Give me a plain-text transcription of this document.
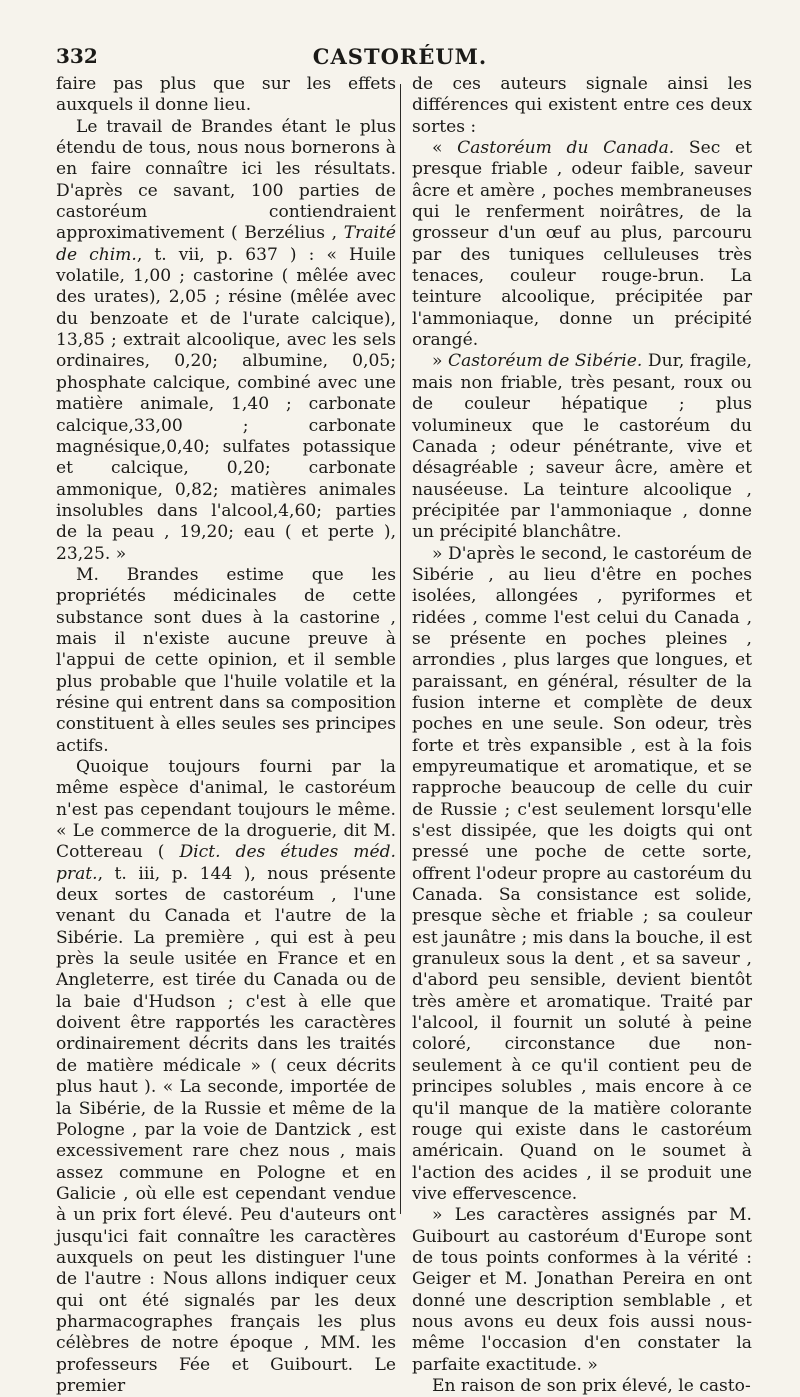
332	CASTORÉUM.

faire pas plus que sur les effets auxquels il donne lieu.

Le travail de Brandes étant le plus étendu de tous, nous nous bornerons à en faire connaître ici les résultats. D'après ce savant, 100 parties de castoréum contiendraient approximativement ( Berzélius , Traité de chim., t. vii, p. 637 ) : « Huile volatile, 1,00 ; castorine ( mêlée avec des urates), 2,05 ; résine (mêlée avec du benzoate et de l'urate calcique), 13,85 ; extrait alcoolique, avec les sels ordinaires, 0,20; albumine, 0,05; phosphate calcique, combiné avec une matière animale, 1,40 ; carbonate calcique,33,00 ; carbonate magnésique,0,40; sulfates potassique et calcique, 0,20; carbonate ammonique, 0,82; matières animales insolubles dans l'alcool,4,60; parties de la peau , 19,20; eau ( et perte ), 23,25. »

M. Brandes estime que les propriétés médicinales de cette substance sont dues à la castorine , mais il n'existe aucune preuve à l'appui de cette opinion, et il semble plus probable que l'huile volatile et la résine qui entrent dans sa composition constituent à elles seules ses principes actifs.

Quoique toujours fourni par la même espèce d'animal, le castoréum n'est pas cependant toujours le même. « Le commerce de la droguerie, dit M. Cottereau ( Dict. des études méd. prat., t. iii, p. 144 ), nous présente deux sortes de castoréum , l'une venant du Canada et l'autre de la Sibérie. La première , qui est à peu près la seule usitée en France et en Angleterre, est tirée du Canada ou de la baie d'Hudson ; c'est à elle que doivent être rapportés les caractères ordinairement décrits dans les traités de matière médicale » ( ceux décrits plus haut ). « La seconde, importée de la Sibérie, de la Russie et même de la Pologne , par la voie de Dantzick , est excessivement rare chez nous , mais assez commune en Pologne et en Galicie , où elle est cependant vendue à un prix fort élevé. Peu d'auteurs ont jusqu'ici fait connaître les caractères auxquels on peut les distinguer l'une de l'autre : Nous allons indiquer ceux qui ont été signalés par les deux pharmacographes français les plus célèbres de notre époque , MM. les professeurs Fée et Guibourt. Le premier

de ces auteurs signale ainsi les différences qui existent entre ces deux sortes :

« Castoréum du Canada. Sec et presque friable , odeur faible, saveur âcre et amère , poches membraneuses qui le renferment noirâtres, de la grosseur d'un œuf au plus, parcouru par des tuniques celluleuses très tenaces, couleur rouge-brun. La teinture alcoolique, précipitée par l'ammoniaque, donne un précipité orangé.

» Castoréum de Sibérie. Dur, fragile, mais non friable, très pesant, roux ou de couleur hépatique ; plus volumineux que le castoréum du Canada ; odeur pénétrante, vive et désagréable ; saveur âcre, amère et nauséeuse. La teinture alcoolique , précipitée par l'ammoniaque , donne un précipité blanchâtre.

» D'après le second, le castoréum de Sibérie , au lieu d'être en poches isolées, allongées , pyriformes et ridées , comme l'est celui du Canada , se présente en poches pleines , arrondies , plus larges que longues, et paraissant, en général, résulter de la fusion interne et complète de deux poches en une seule. Son odeur, très forte et très expansible , est à la fois empyreumatique et aromatique, et se rapproche beaucoup de celle du cuir de Russie ; c'est seulement lorsqu'elle s'est dissipée, que les doigts qui ont pressé une poche de cette sorte, offrent l'odeur propre au castoréum du Canada. Sa consistance est solide, presque sèche et friable ; sa couleur est jaunâtre ; mis dans la bouche, il est granuleux sous la dent , et sa saveur , d'abord peu sensible, devient bientôt très amère et aromatique. Traité par l'alcool, il fournit un soluté à peine coloré, circonstance due non-seulement à ce qu'il contient peu de principes solubles , mais encore à ce qu'il manque de la matière colorante rouge qui existe dans le castoréum américain. Quand on le soumet à l'action des acides , il se produit une vive effervescence.

» Les caractères assignés par M. Guibourt au castoréum d'Europe sont de tous points conformes à la vérité : Geiger et M. Jonathan Pereira en ont donné une description semblable , et nous avons eu deux fois aussi nous-même l'occasion d'en constater la parfaite exactitude. »

En raison de son prix élevé, le casto-
